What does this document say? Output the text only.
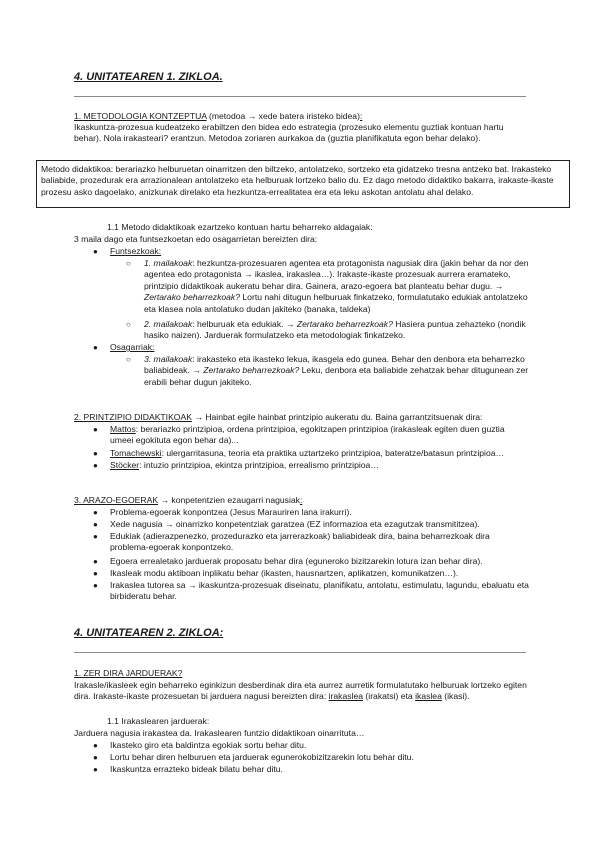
4. UNITATEAREN 1. ZIKLOA.
1. METODOLOGIA KONTZEPTUA (metodoa → xede batera iristeko bidea):

Ikaskuntza-prozesua kudeatzeko erabiltzen den bidea edo estrategia (prozesuko elementu guztiak kontuan hartu behar). Nola irakasteari? erantzun. Metodoa zoriaren aurkakoa da (guztia planifikatuta egon behar delako).

Metodo didaktikoa: berariazko helburuetan oinarritzen den biltzeko, antolatzeko, sortzeko eta gidatzeko tresna antzeko bat. Irakasteko baliabide, prozedurak era arrazionalean antolatzeko eta helburuak lortzeko balio du. Ez dago metodo didaktiko bakarra, irakaste-ikaste prozesu asko dagoelako, anizkunak direlako eta hezkuntza-errealitatea era eta leku askotan antolatu ahal delako.

1.1 Metodo didaktikoak ezartzeko kontuan hartu beharreko aldagaiak:
3 maila dago eta funtsezkoetan edo osagarrietan bereizten dira:
● Funtsezkoak:
○ 1. mailakoak: hezkuntza-prozesuaren agentea eta protagonista nagusiak dira (jakin behar da nor den agentea edo protagonista → ikaslea, irakaslea…). Irakaste-ikaste prozesuak aurrera eramateko, printzipio didaktikoak aukeratu behar dira. Gainera, arazo-egoera bat planteatu behar dugu. → Zertarako beharrezkoak? Lortu nahi ditugun helburuak finkatzeko, formulatutako edukiak antolatzeko eta klasea nola antolatuko dudan jakiteko (banaka, taldeka)

○ 2. mailakoak: helburuak eta edukiak. → Zertarako beharrezkoak? Hasiera puntua zehazteko (nondik hasiko naizen). Jarduerak formulatzeko eta metodologiak finkatzeko.

● Osagarriak:
○ 3. mailakoak: irakasteko eta ikasteko lekua, ikasgela edo gunea. Behar den denbora eta beharrezko baliabideak. → Zertarako beharrezkoak? Leku, denbora eta baliabide zehatzak behar ditugunean zer erabili behar dugun jakiteko.

2. PRINTZIPIO DIDAKTIKOAK → Hainbat egile hainbat printzipio aukeratu du. Baina garrantzitsuenak dira:
● Mattos: berariazko printzipioa, ordena printzipioa, egokitzapen printzipioa (irakasleak egiten duen guztia umeei egokituta egon behar da)...

● Tomachewski: ulergarritasuna, teoria eta praktika uztartzeko printzipioa, bateratze/batasun printzipioa…

● Stöcker: intuzio printzipioa, ekintza printzipioa, errealismo printzipioa…

3. ARAZO-EGOERAK → konpetentzien ezaugarri nagusiak:
● Problema-egoerak konpontzea (Jesus Marauriren lana irakurri).

● Xede nagusia → oinarrizko konpetentziak garatzea (EZ informazioa eta ezagutzak transmititzea).

● Edukiak (adierazpenezko, prozedurazko eta jarrerazkoak) baliabideak dira, baina beharrezkoak dira problema-egoerak konpontzeko.

● Egoera errealetako jarduerak proposatu behar dira (eguneroko bizitzarekin lotura izan behar dira).

● Ikasleak modu aktiboan inplikatu behar (ikasten, hausnartzen, aplikatzen, komunikatzen…).

● Irakaslea tutorea sa → ikaskuntza-prozesuak diseinatu, planifikatu, antolatu, estimulatu, lagundu, ebaluatu eta birbideratu behar.

4. UNITATEAREN 2. ZIKLOA:
1. ZER DIRA JARDUERAK?

Irakasle/ikasleek egin beharreko eginkizun desberdinak dira eta aurrez aurretik formulatutako helburuak lortzeko egiten dira. Irakaste-ikaste prozesuetan bi jarduera nagusi bereizten dira: irakaslea (irakatsi) eta ikaslea (ikasi).

1.1 Irakaslearen jarduerak:
Jarduera nagusia irakastea da. Irakaslearen funtzio didaktikoan oinarrituta…
● Ikasteko giro eta baldintza egokiak sortu behar ditu.

● Lortu behar diren helburuen eta jarduerak egunerokobizitzarekin lotu behar ditu.

● Ikaskuntza errazteko bideak bilatu behar ditu.
